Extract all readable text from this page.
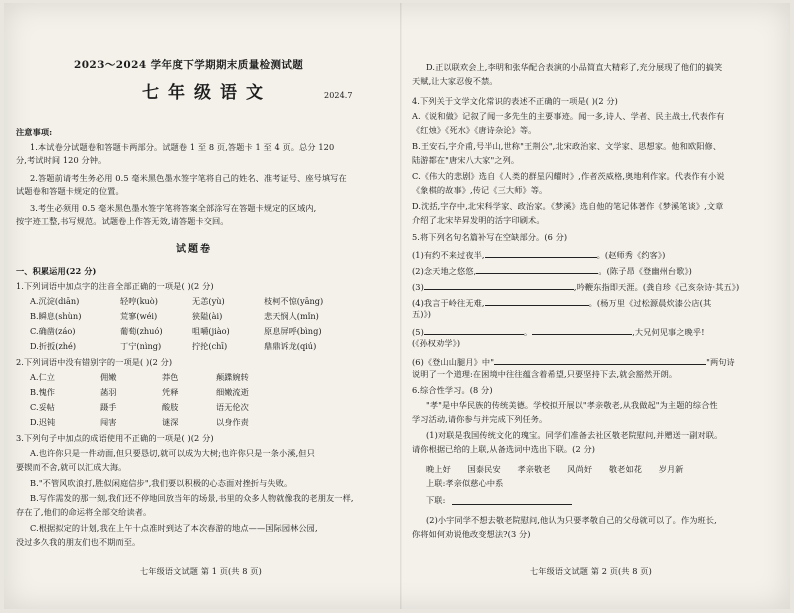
2023～2024 学年度下学期期末质量检测试题
七年级语文	2024.7
注意事项:
1.本试卷分试题卷和答题卡两部分。试题卷 1 至 8 页,答题卡 1 至 4 页。总分 120
分,考试时间 120 分钟。
2.答题前请考生务必用 0.5 毫米黑色墨水签字笔将自己的姓名、准考证号、座号填写在
试题卷和答题卡规定的位置。
3.考生必须用 0.5 毫米黑色墨水签字笔将答案全部涂写在答题卡规定的区域内,
按字迹工整,书写规范。试题卷上作答无效,请答题卡交回。
试题卷
一、积累运用(22 分)
1.下列词语中加点字的注音全部正确的一项是( )(2 分)
A.沉淀(diān)	轻哼(kuò)	无恙(yù)	枝柯不惊(yāng)
B.瞬息(shùn)	荒寥(wéi)	狭隘(ài)	悲天悯人(mǐn)
C.确凿(záo)	葡萄(zhuó)	咀嚼(jiào)	原息屏呼(bìng)
D.折扳(zhé)	丁宁(nìng)	拧抡(chī)	鼎鼎诉龙(qiú)
2.下列词语中没有错别字的一项是( )(2 分)
A.仁立	佣嫩	莽色	颠蹀婉转
B.愧作	菡羽	凭释	细嫩流逝
C.妥帖	蹑手	酸肢	语无伦次
D.迟钝	闯害	谜深	以身作责
3.下列句子中加点的成语使用不正确的一项是( )(2 分)
A.也许你只是一件动面,但只要恳切,就可以成为大树;也许你只是一条小溪,但只
要锲而不舍,就可以汇成大海。
B."不管风吹浪打,胜似闲庭信步",我们要以积极的心态面对挫折与失败。
B.写作需发的那一刻,我们还不停地回放当年的场景,书里的众多人物就像我的老朋友一样,
存在了,他们的命运将全部交给读者。
C.根据拟定的计划,我在上午十点准时到达了本次春游的地点——国际园林公园,
没过多久我的朋友们也不期而至。
七年级语文试题 第 1 页(共 8 页)
D.正以联欢会上,李明和张华配合表演的小品简直大精彩了,充分展现了他们的搞笑
天赋,让大家忍俊不禁。
4.下列关于文学文化常识的表述不正确的一项是( )(2 分)
A.《说和做》记叙了闻一多先生的主要事迹。闻一多,诗人、学者、民主战士,代表作有
《红烛》《死水》《唐诗杂论》等。
B.王安石,字介甫,号半山,世称"王荆公",北宋政治家、文学家、思想家。他和欧阳修、
陆游都在"唐宋八大家"之列。
C.《伟大的悲剧》选自《人类的群星闪耀时》,作者茨威格,奥地利作家。代表作有小说
《象棋的故事》,传记《三大师》等。
D.沈括,字存中,北宋科学家、政治家。《梦溪》选自他的笔记体著作《梦溪笔谈》,文章
介绍了北宋毕昇发明的活字印刷术。
5.将下列名句名篇补写在空缺部分。(6 分)
(1)有约不来过夜半,	。(赵师秀《约客》)
(2)念天地之悠悠,	。(陈子昂《登幽州台歌》)
(3)	,吟鞭东指即天涯。(龚自珍《己亥杂诗·其五》)
(4)我言于岭往无难,	。(杨万里《过松源晨炊漆公店(其
五)》)
(5)	。	,大兄何见事之晚乎!
(《孙权劝学》)
(6)《登山山腿月》中"	"两句诗
说明了一个道理:在困境中往往蕴含着希望,只要坚持下去,就会豁然开朗。
6.综合性学习。(8 分)
"孝"是中华民族的传统美德。学校拟开展以"孝亲敬老,从我做起"为主题的综合性
学习活动,请你参与并完成下列任务。
(1)对联是我国传统文化的瑰宝。同学们准备去社区敬老院慰问,并赠送一副对联。
请你根据已给的上联,从备选词中选出下联。(2 分)
晚上好 国泰民安 孝亲敬老 风尚好 敬老如花 岁月新
上联:孝亲似慈心中系
下联:
(2)小宇同学不想去敬老院慰问,他认为只要孝敬自己的父母就可以了。作为班长,
你将如何劝说他改变想法?(3 分)
七年级语文试题 第 2 页(共 8 页)
